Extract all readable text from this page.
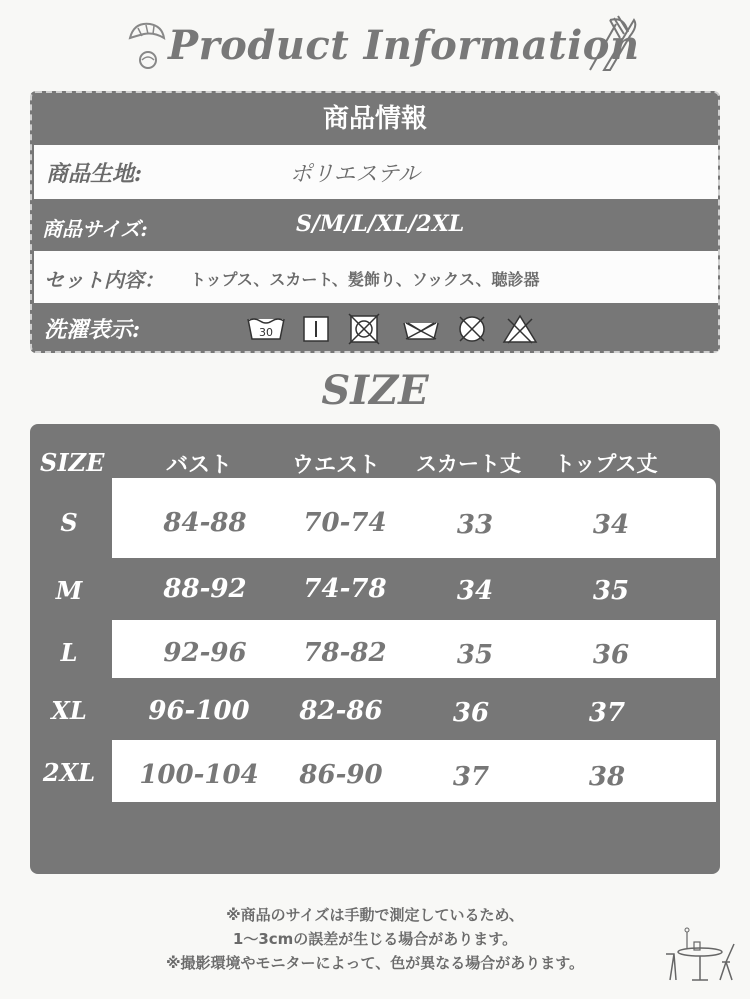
Product Information
商品情報
商品生地:	ポリエステル
商品サイズ:	S/M/L/XL/2XL
セット内容： トップス、スカート、髪飾り、ソックス、聴診器
洗濯表示:	30
SIZE
SIZE	バスト	ウエスト スカート丈 トップス丈
S	84-88	70-74	33	34
M	88-92	74-78	34	35
L	92-96	78-82	35	36
XL	96-100	82-86	36	37
2XL	100-104	86-90	37	38
※商品のサイズは手動で測定しているため、
1～3cmの誤差が生じる場合があります。
※撮影環境やモニターによって、色が異なる場合があります。
